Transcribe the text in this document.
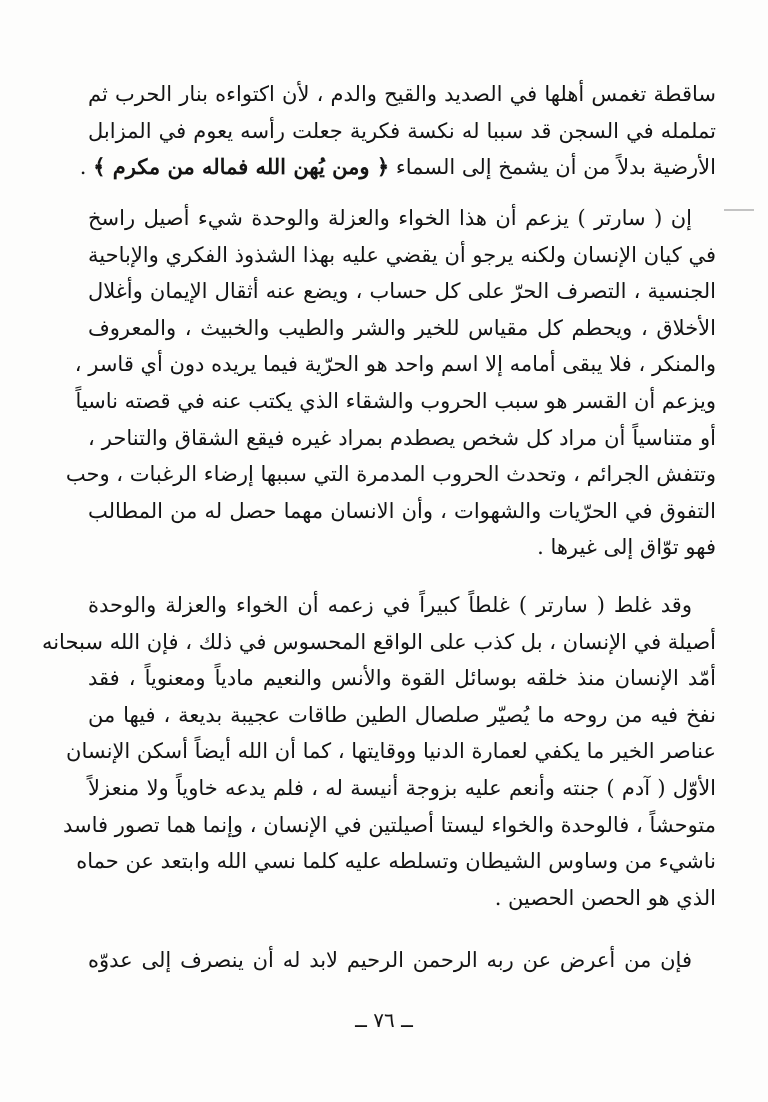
ساقطة تغمس أهلها في الصديد والقيح والدم ، لأن اكتواءه بنار الحرب ثم
تململه في السجن قد سببا له نكسة فكرية جعلت رأسه يعوم في المزابل
الأرضية بدلاً من أن يشمخ إلى السماء ﴿ ومن يُهن الله فماله من مكرم ﴾ .
إن ( سارتر ) يزعم أن هذا الخواء والعزلة والوحدة شيء أصيل راسخ
في كيان الإنسان ولكنه يرجو أن يقضي عليه بهذا الشذوذ الفكري والإباحية
الجنسية ، التصرف الحرّ على كل حساب ، ويضع عنه أثقال الإيمان وأغلال
الأخلاق ، ويحطم كل مقياس للخير والشر والطيب والخبيث ، والمعروف
والمنكر ، فلا يبقى أمامه إلا اسم واحد هو الحرّية فيما يريده دون أي قاسر ،
ويزعم أن القسر هو سبب الحروب والشقاء الذي يكتب عنه في قصته ناسياً
أو متناسياً أن مراد كل شخص يصطدم بمراد غيره فيقع الشقاق والتناحر ،
وتتفش الجرائم ، وتحدث الحروب المدمرة التي سببها إرضاء الرغبات ، وحب
التفوق في الحرّيات والشهوات ، وأن الانسان مهما حصل له من المطالب
فهو توّاق إلى غيرها .
وقد غلط ( سارتر ) غلطاً كبيراً في زعمه أن الخواء والعزلة والوحدة
أصيلة في الإنسان ، بل كذب على الواقع المحسوس في ذلك ، فإن الله سبحانه
أمّد الإنسان منذ خلقه بوسائل القوة والأنس والنعيم مادياً ومعنوياً ، فقد
نفخ فيه من روحه ما يُصيّر صلصال الطين طاقات عجيبة بديعة ، فيها من
عناصر الخير ما يكفي لعمارة الدنيا ووقايتها ، كما أن الله أيضاً أسكن الإنسان
الأوّل ( آدم ) جنته وأنعم عليه بزوجة أنيسة له ، فلم يدعه خاوياً ولا منعزلاً
متوحشاً ، فالوحدة والخواء ليستا أصيلتين في الإنسان ، وإنما هما تصور فاسد
ناشيء من وساوس الشيطان وتسلطه عليه كلما نسي الله وابتعد عن حماه
الذي هو الحصن الحصين .
فإن من أعرض عن ربه الرحمن الرحيم لابد له أن ينصرف إلى عدوّه
ــ ٧٦ ــ
